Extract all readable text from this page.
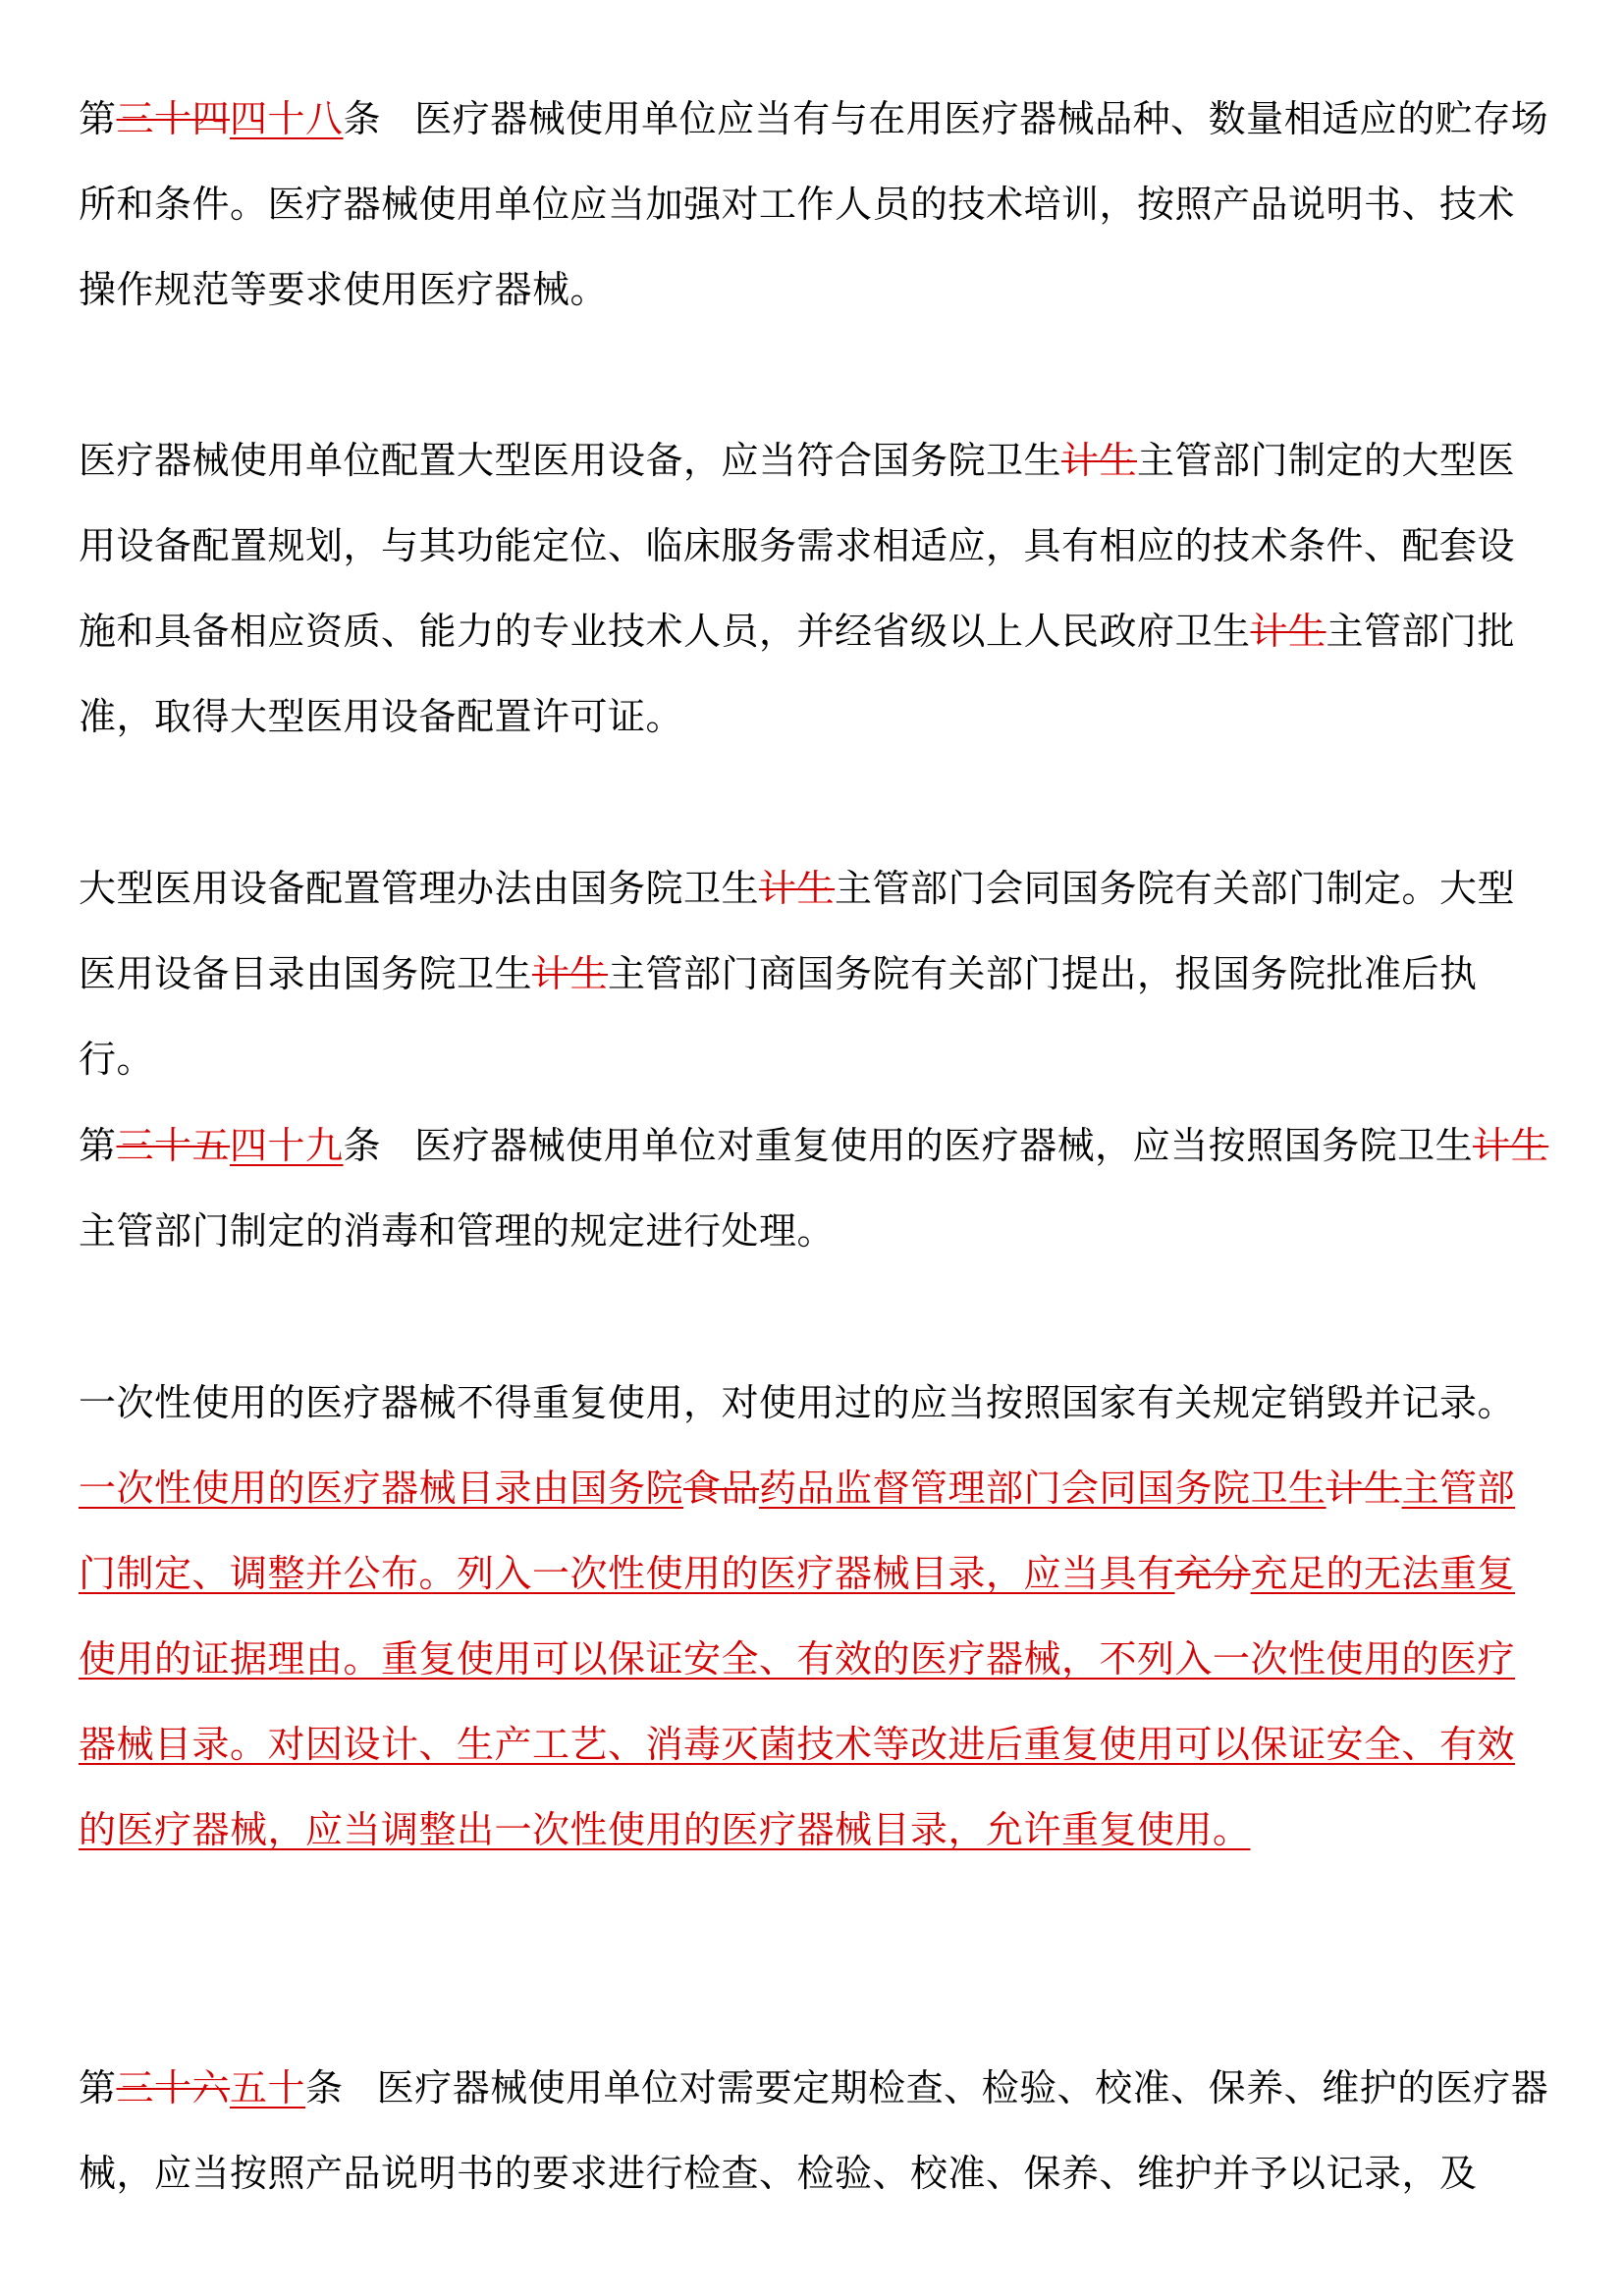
第三十四四十八条 医疗器械使用单位应当有与在用医疗器械品种、数量相适应的贮存场所和条件。医疗器械使用单位应当加强对工作人员的技术培训，按照产品说明书、技术操作规范等要求使用医疗器械。

医疗器械使用单位配置大型医用设备，应当符合国务院卫生计生主管部门制定的大型医用设备配置规划，与其功能定位、临床服务需求相适应，具有相应的技术条件、配套设施和具备相应资质、能力的专业技术人员，并经省级以上人民政府卫生计生主管部门批准，取得大型医用设备配置许可证。

大型医用设备配置管理办法由国务院卫生计生主管部门会同国务院有关部门制定。大型医用设备目录由国务院卫生计生主管部门商国务院有关部门提出，报国务院批准后执行。

第三十五四十九条 医疗器械使用单位对重复使用的医疗器械，应当按照国务院卫生计生主管部门制定的消毒和管理的规定进行处理。

一次性使用的医疗器械不得重复使用，对使用过的应当按照国家有关规定销毁并记录。一次性使用的医疗器械目录由国务院食品药品监督管理部门会同国务院卫生计生主管部门制定、调整并公布。列入一次性使用的医疗器械目录，应当具有充分充足的无法重复使用的证据理由。重复使用可以保证安全、有效的医疗器械，不列入一次性使用的医疗器械目录。对因设计、生产工艺、消毒灭菌技术等改进后重复使用可以保证安全、有效的医疗器械，应当调整出一次性使用的医疗器械目录，允许重复使用。

第三十六五十条 医疗器械使用单位对需要定期检查、检验、校准、保养、维护的医疗器械，应当按照产品说明书的要求进行检查、检验、校准、保养、维护并予以记录，及
